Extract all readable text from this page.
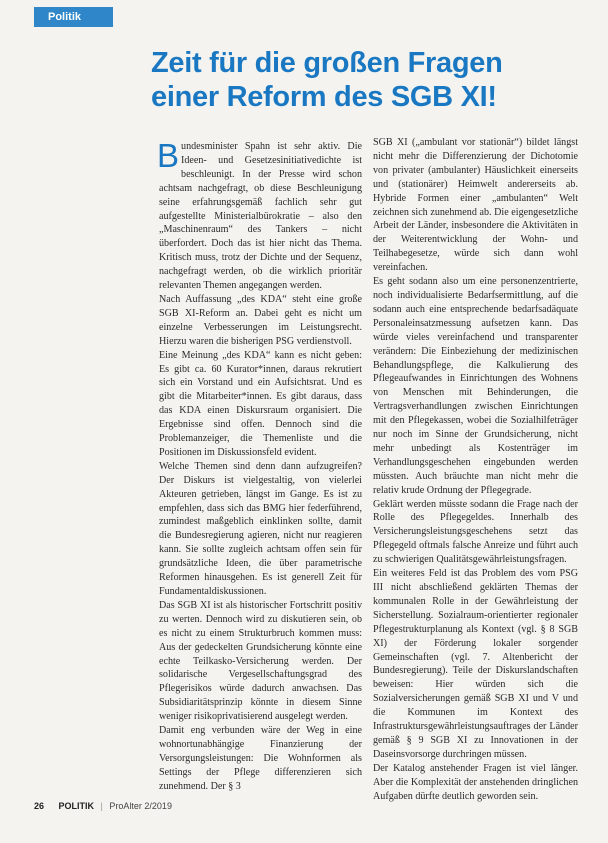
Politik
Zeit für die großen Fragen einer Reform des SGB XI!
B undesminister Spahn ist sehr aktiv. Die Ideen- und Gesetzesinitiativedichte ist beschleunigt. In der Presse wird schon achtsam nachgefragt, ob diese Beschleunigung seine erfahrungsgemäß fachlich sehr gut aufgestellte Ministerialbürokratie – also den „Maschinenraum“ des Tankers – nicht überfordert. Doch das ist hier nicht das Thema. Kritisch muss, trotz der Dichte und der Sequenz, nachgefragt werden, ob die wirklich prioritär relevanten Themen angegangen werden.

Nach Auffassung „des KDA“ steht eine große SGB XI-Reform an. Dabei geht es nicht um einzelne Verbesserungen im Leistungsrecht. Hierzu waren die bisherigen PSG verdienstvoll.

Eine Meinung „des KDA“ kann es nicht geben: Es gibt ca. 60 Kurator*innen, daraus rekrutiert sich ein Vorstand und ein Aufsichtsrat. Und es gibt die Mitarbeiter*innen. Es gibt daraus, dass das KDA einen Diskursraum organisiert. Die Ergebnisse sind offen. Dennoch sind die Problemanzeiger, die Themenliste und die Positionen im Diskussionsfeld evident.

Welche Themen sind denn dann aufzugreifen? Der Diskurs ist vielgestaltig, von vielerlei Akteuren getrieben, längst im Gange. Es ist zu empfehlen, dass sich das BMG hier federführend, zumindest maßgeblich einklinken sollte, damit die Bundesregierung agieren, nicht nur reagieren kann. Sie sollte zugleich achtsam offen sein für grundsätzliche Ideen, die über parametrische Reformen hinausgehen. Es ist generell Zeit für Fundamentaldiskussionen.

Das SGB XI ist als historischer Fortschritt positiv zu werten. Dennoch wird zu diskutieren sein, ob es nicht zu einem Strukturbruch kommen muss: Aus der gedeckelten Grundsicherung könnte eine echte Teilkasko-Versicherung werden. Der solidarische Vergesellschaftungsgrad des Pflegerisikos würde dadurch anwachsen. Das Subsidiaritätsprinzip könnte in diesem Sinne weniger risikoprivatisierend ausgelegt werden.

Damit eng verbunden wäre der Weg in eine wohnortunabhängige Finanzierung der Versorgungsleistungen: Die Wohnformen als Settings der Pflege differenzieren sich zunehmend. Der § 3

SGB XI („ambulant vor stationär“) bildet längst nicht mehr die Differenzierung der Dichotomie von privater (ambulanter) Häuslichkeit einerseits und (stationärer) Heimwelt andererseits ab. Hybride Formen einer „ambulanten“ Welt zeichnen sich zunehmend ab. Die eigengesetzliche Arbeit der Länder, insbesondere die Aktivitäten in der Weiterentwicklung der Wohn- und Teilhabegesetze, würde sich dann wohl vereinfachen.

Es geht sodann also um eine personenzentrierte, noch individualisierte Bedarfsermittlung, auf die sodann auch eine entsprechende bedarfsadäquate Personaleinsatzmessung aufsetzen kann. Das würde vieles vereinfachend und transparenter verändern: Die Einbeziehung der medizinischen Behandlungspflege, die Kalkulierung des Pflegeaufwandes in Einrichtungen des Wohnens von Menschen mit Behinderungen, die Vertragsverhandlungen zwischen Einrichtungen mit den Pflegekassen, wobei die Sozialhilfeträger nur noch im Sinne der Grundsicherung, nicht mehr unbedingt als Kostenträger im Verhandlungsgeschehen eingebunden werden müssten. Auch bräuchte man nicht mehr die relativ krude Ordnung der Pflegegrade.

Geklärt werden müsste sodann die Frage nach der Rolle des Pflegegeldes. Innerhalb des Versicherungsleistungsgeschehens setzt das Pflegegeld oftmals falsche Anreize und führt auch zu schwierigen Qualitätsgewährleistungsfragen.

Ein weiteres Feld ist das Problem des vom PSG III nicht abschließend geklärten Themas der kommunalen Rolle in der Gewährleistung der Sicherstellung. Sozialraum-orientierter regionaler Pflegestrukturplanung als Kontext (vgl. § 8 SGB XI) der Förderung lokaler sorgender Gemeinschaften (vgl. 7. Altenbericht der Bundesregierung). Teile der Diskurslandschaften beweisen: Hier würden sich die Sozialversicherungen gemäß SGB XI und V und die Kommunen im Kontext des Infrastruktursgewährleistungsauftrages der Länder gemäß § 9 SGB XI zu Innovationen in der Daseinsvorsorge durchringen müssen.

Der Katalog anstehender Fragen ist viel länger. Aber die Komplexität der anstehenden dringlichen Aufgaben dürfte deutlich geworden sein.

26 POLITIK | ProAlter 2/2019
